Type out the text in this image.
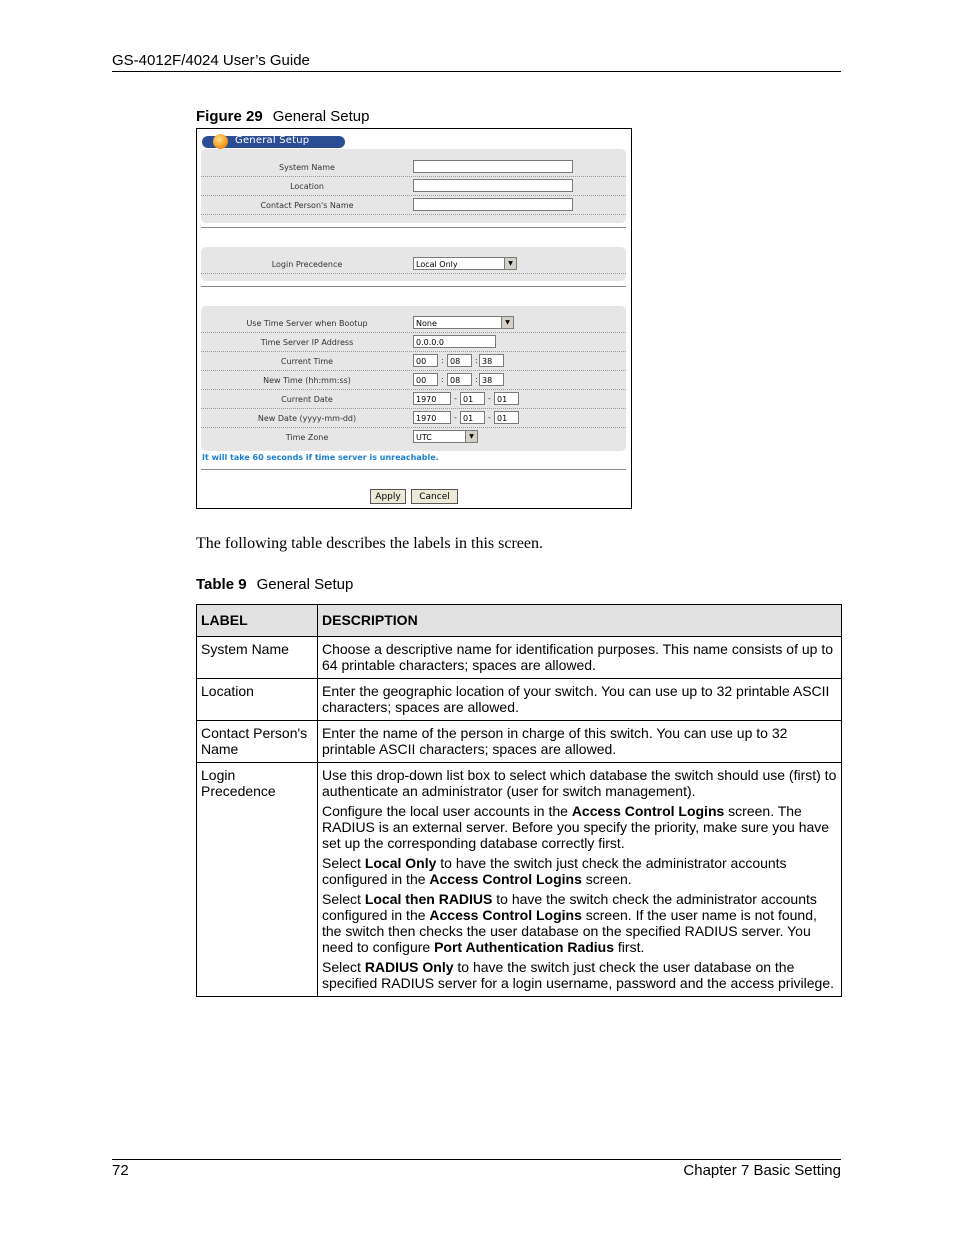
GS-4012F/4024 User’s Guide
Figure 29 General Setup
General Setup
System Name
Location
Contact Person's Name
Login Precedence	Local Only	▼
Use Time Server when Bootup	None	▼
Time Server IP Address	0.0.0.0
Current Time	00	: 08	: 38
New Time (hh:mm:ss)	00	: 08	: 38
Current Date	1970	- 01	- 01
New Date (yyyy-mm-dd)	1970	- 01	- 01
Time Zone	UTC	▼
It will take 60 seconds if time server is unreachable.
Apply	Cancel
The following table describes the labels in this screen.
Table 9 General Setup
LABEL	DESCRIPTION
System Name	Choose a descriptive name for identification purposes. This name consists of up to 64 printable characters; spaces are allowed.
Location	Enter the geographic location of your switch. You can use up to 32 printable ASCII characters; spaces are allowed.
Contact Person's Name	Enter the name of the person in charge of this switch. You can use up to 32 printable ASCII characters; spaces are allowed.
Login Precedence	Use this drop-down list box to select which database the switch should use (first) to authenticate an administrator (user for switch management).
Configure the local user accounts in the Access Control Logins screen. The RADIUS is an external server. Before you specify the priority, make sure you have set up the corresponding database correctly first.
Select Local Only to have the switch just check the administrator accounts configured in the Access Control Logins screen.
Select Local then RADIUS to have the switch check the administrator accounts configured in the Access Control Logins screen. If the user name is not found, the switch then checks the user database on the specified RADIUS server. You need to configure Port Authentication Radius first.
Select RADIUS Only to have the switch just check the user database on the specified RADIUS server for a login username, password and the access privilege.
72	Chapter 7 Basic Setting
